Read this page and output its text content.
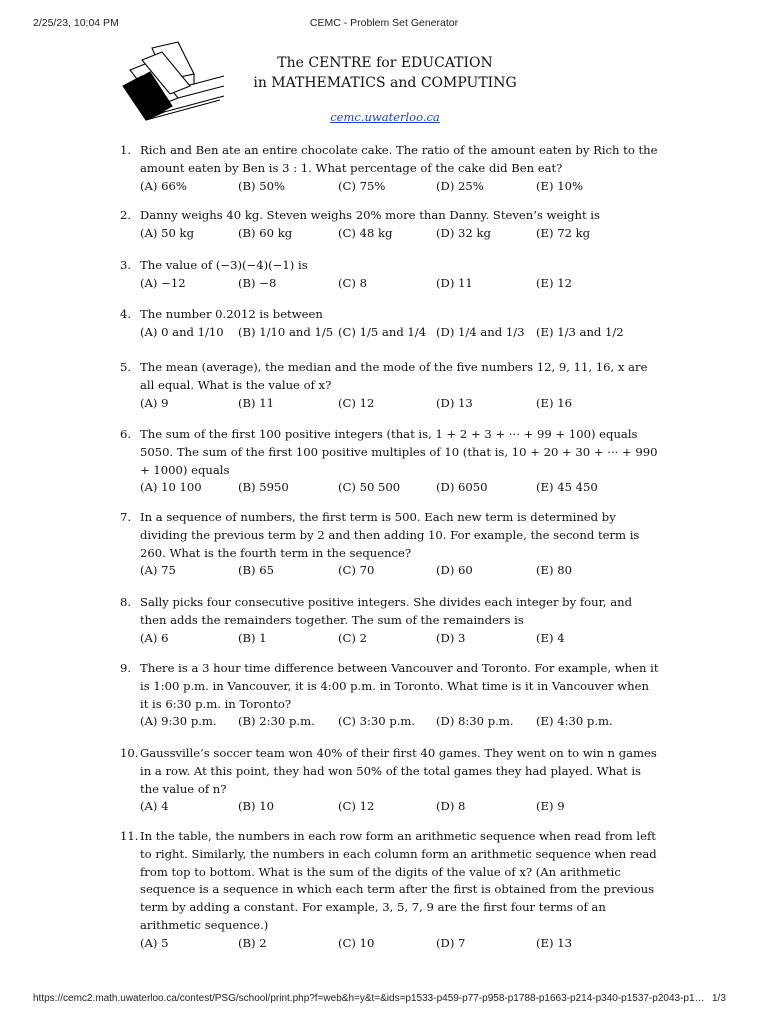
2/25/23, 10:04 PM	CEMC - Problem Set Generator
The CENTRE for EDUCATION
in MATHEMATICS and COMPUTING
cemc.uwaterloo.ca
1. Rich and Ben ate an entire chocolate cake. The ratio of the amount eaten by Rich to the amount eaten by Ben is 3 : 1. What percentage of the cake did Ben eat?
(A) 66%	(B) 50%	(C) 75%	(D) 25%	(E) 10%
2. Danny weighs 40 kg. Steven weighs 20% more than Danny. Steven’s weight is
(A) 50 kg	(B) 60 kg	(C) 48 kg	(D) 32 kg	(E) 72 kg
3. The value of (−3)(−4)(−1) is
(A) −12	(B) −8	(C) 8	(D) 11	(E) 12
4. The number 0.2012 is between
(A) 0 and 1/10 (B) 1/10 and 1/5 (C) 1/5 and 1/4 (D) 1/4 and 1/3 (E) 1/3 and 1/2
5. The mean (average), the median and the mode of the five numbers 12, 9, 11, 16, x are all equal. What is the value of x?
(A) 9	(B) 11	(C) 12	(D) 13	(E) 16
6. The sum of the first 100 positive integers (that is, 1 + 2 + 3 + ··· + 99 + 100) equals 5050. The sum of the first 100 positive multiples of 10 (that is, 10 + 20 + 30 + ··· + 990 + 1000) equals
(A) 10 100	(B) 5950	(C) 50 500	(D) 6050	(E) 45 450
7. In a sequence of numbers, the first term is 500. Each new term is determined by dividing the previous term by 2 and then adding 10. For example, the second term is 260. What is the fourth term in the sequence?
(A) 75	(B) 65	(C) 70	(D) 60	(E) 80
8. Sally picks four consecutive positive integers. She divides each integer by four, and then adds the remainders together. The sum of the remainders is
(A) 6	(B) 1	(C) 2	(D) 3	(E) 4
9. There is a 3 hour time difference between Vancouver and Toronto. For example, when it is 1:00 p.m. in Vancouver, it is 4:00 p.m. in Toronto. What time is it in Vancouver when it is 6:30 p.m. in Toronto?
(A) 9:30 p.m. (B) 2:30 p.m. (C) 3:30 p.m. (D) 8:30 p.m. (E) 4:30 p.m.
10. Gaussville’s soccer team won 40% of their first 40 games. They went on to win n games in a row. At this point, they had won 50% of the total games they had played. What is the value of n?
(A) 4	(B) 10	(C) 12	(D) 8	(E) 9
11. In the table, the numbers in each row form an arithmetic sequence when read from left to right. Similarly, the numbers in each column form an arithmetic sequence when read from top to bottom. What is the sum of the digits of the value of x? (An arithmetic sequence is a sequence in which each term after the first is obtained from the previous term by adding a constant. For example, 3, 5, 7, 9 are the first four terms of an arithmetic sequence.)
(A) 5	(B) 2	(C) 10	(D) 7	(E) 13
https://cemc2.math.uwaterloo.ca/contest/PSG/school/print.php?f=web&h=y&t=&ids=p1533-p459-p77-p958-p1788-p1663-p214-p340-p1537-p2043-p1… 1/3
